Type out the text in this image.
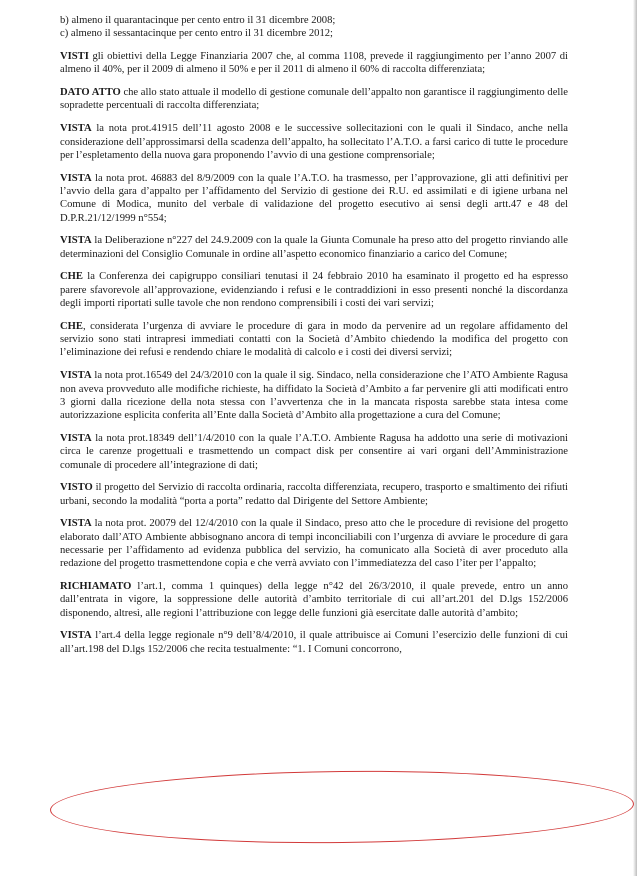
b) almeno il quarantacinque per cento entro il 31 dicembre 2008;

c) almeno il sessantacinque per cento entro il 31 dicembre 2012;

VISTI gli obiettivi della Legge Finanziaria 2007 che, al comma 1108, prevede il raggiungimento per l’anno 2007 di almeno il 40%, per il 2009 di almeno il 50% e per il 2011 di almeno il 60% di raccolta differenziata;

DATO ATTO che allo stato attuale il modello di gestione comunale dell’appalto non garantisce il raggiungimento delle sopradette percentuali di raccolta differenziata;

VISTA la nota prot.41915 dell’11 agosto 2008 e le successive sollecitazioni con le quali il Sindaco, anche nella considerazione dell’approssimarsi della scadenza dell’appalto, ha sollecitato l’A.T.O. a farsi carico di tutte le procedure per l’espletamento della nuova gara proponendo l’avvio di una gestione comprensoriale;

VISTA la nota prot. 46883 del 8/9/2009 con la quale l’A.T.O. ha trasmesso, per l’approvazione, gli atti definitivi per l’avvio della gara d’appalto per l’affidamento del Servizio di gestione dei R.U. ed assimilati e di igiene urbana nel Comune di Modica, munito del verbale di validazione del progetto esecutivo ai sensi degli artt.47 e 48 del D.P.R.21/12/1999 n°554;

VISTA la Deliberazione n°227 del 24.9.2009 con la quale la Giunta Comunale ha preso atto del progetto rinviando alle determinazioni del Consiglio Comunale in ordine all’aspetto economico finanziario a carico del Comune;

CHE la Conferenza dei capigruppo consiliari tenutasi il 24 febbraio 2010 ha esaminato il progetto ed ha espresso parere sfavorevole all’approvazione, evidenziando i refusi e le contraddizioni in esso presenti nonché la discordanza degli importi riportati sulle tavole che non rendono comprensibili i costi dei vari servizi;

CHE, considerata l’urgenza di avviare le procedure di gara in modo da pervenire ad un regolare affidamento del servizio sono stati intrapresi immediati contatti con la Società d’Ambito chiedendo la modifica del progetto con l’eliminazione dei refusi e rendendo chiare le modalità di calcolo e i costi dei diversi servizi;

VISTA la nota prot.16549 del 24/3/2010 con la quale il sig. Sindaco, nella considerazione che l’ATO Ambiente Ragusa non aveva provveduto alle modifiche richieste, ha diffidato la Società d’Ambito a far pervenire gli atti modificati entro 3 giorni dalla ricezione della nota stessa con l’avvertenza che in la mancata risposta sarebbe stata intesa come autorizzazione esplicita conferita all’Ente dalla Società d’Ambito alla progettazione a cura del Comune;

VISTA la nota prot.18349 dell’1/4/2010 con la quale l’A.T.O. Ambiente Ragusa ha addotto una serie di motivazioni circa le carenze progettuali e trasmettendo un compact disk per consentire ai vari organi dell’Amministrazione comunale di procedere all’integrazione di dati;

VISTO il progetto del Servizio di raccolta ordinaria, raccolta differenziata, recupero, trasporto e smaltimento dei rifiuti urbani, secondo la modalità “porta a porta” redatto dal Dirigente del Settore Ambiente;

VISTA la nota prot. 20079 del 12/4/2010 con la quale il Sindaco, preso atto che le procedure di revisione del progetto elaborato dall’ATO Ambiente abbisognano ancora di tempi inconciliabili con l’urgenza di avviare le procedure di gara necessarie per l’affidamento ad evidenza pubblica del servizio, ha comunicato alla Società di aver proceduto alla redazione del progetto trasmettendone copia e che verrà avviato con l’immediatezza del caso l’iter per l’appalto;

RICHIAMATO l’art.1, comma 1 quinques) della legge n°42 del 26/3/2010, il quale prevede, entro un anno dall’entrata in vigore, la soppressione delle autorità d’ambito territoriale di cui all’art.201 del D.lgs 152/2006 disponendo, altresì, alle regioni l’attribuzione con legge delle funzioni già esercitate dalle autorità d’ambito;

VISTA l’art.4 della legge regionale n°9 dell’8/4/2010, il quale attribuisce ai Comuni l’esercizio delle funzioni di cui all’art.198 del D.lgs 152/2006 che recita testualmente: “1. I Comuni concorrono,
